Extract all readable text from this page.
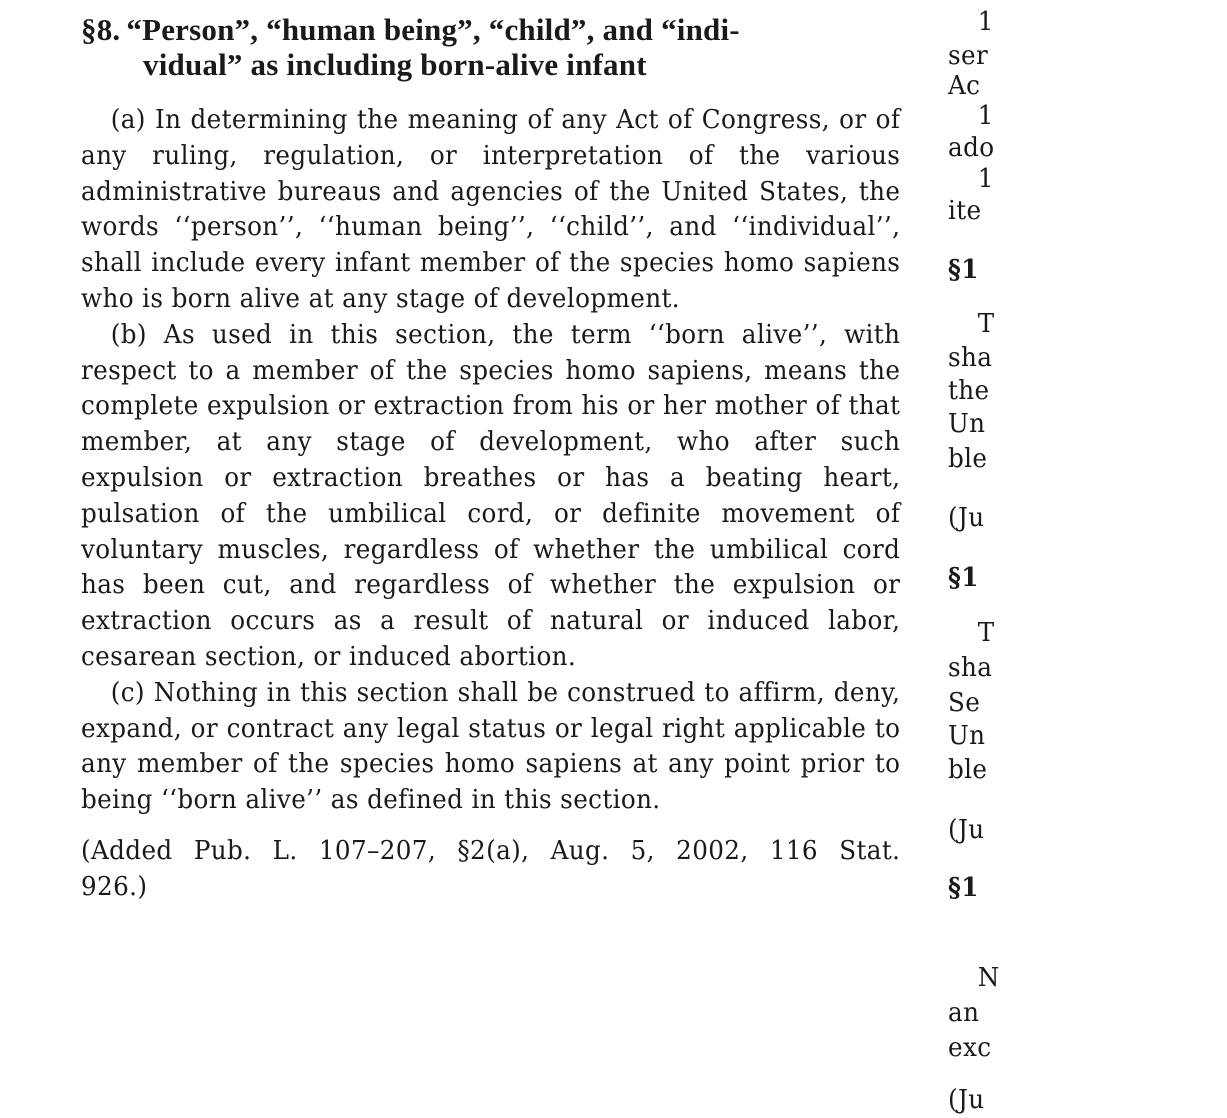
§8. “Person”, “human being”, “child”, and “indi-
vidual” as including born-alive infant

(a) In determining the meaning of any Act of Congress, or of any ruling, regulation, or interpretation of the various administrative bureaus and agencies of the United States, the words ‘‘person’’, ‘‘human being’’, ‘‘child’’, and ‘‘individual’’, shall include every infant member of the species homo sapiens who is born alive at any stage of development.

(b) As used in this section, the term ‘‘born alive’’, with respect to a member of the species homo sapiens, means the complete expulsion or extraction from his or her mother of that member, at any stage of development, who after such expulsion or extraction breathes or has a beating heart, pulsation of the umbilical cord, or definite movement of voluntary muscles, regardless of whether the umbilical cord has been cut, and regardless of whether the expulsion or extraction occurs as a result of natural or induced labor, cesarean section, or induced abortion.

(c) Nothing in this section shall be construed to affirm, deny, expand, or contract any legal status or legal right applicable to any member of the species homo sapiens at any point prior to being ‘‘born alive’’ as defined in this section.

(Added Pub. L. 107–207, §2(a), Aug. 5, 2002, 116 Stat. 926.)

1
ser
Ac
1
ado
1
ite
§1
T
sha
the
Un
ble
(Ju
§1
T
sha
Se
Un
ble
(Ju
§1
N
an
exc
(Ju
